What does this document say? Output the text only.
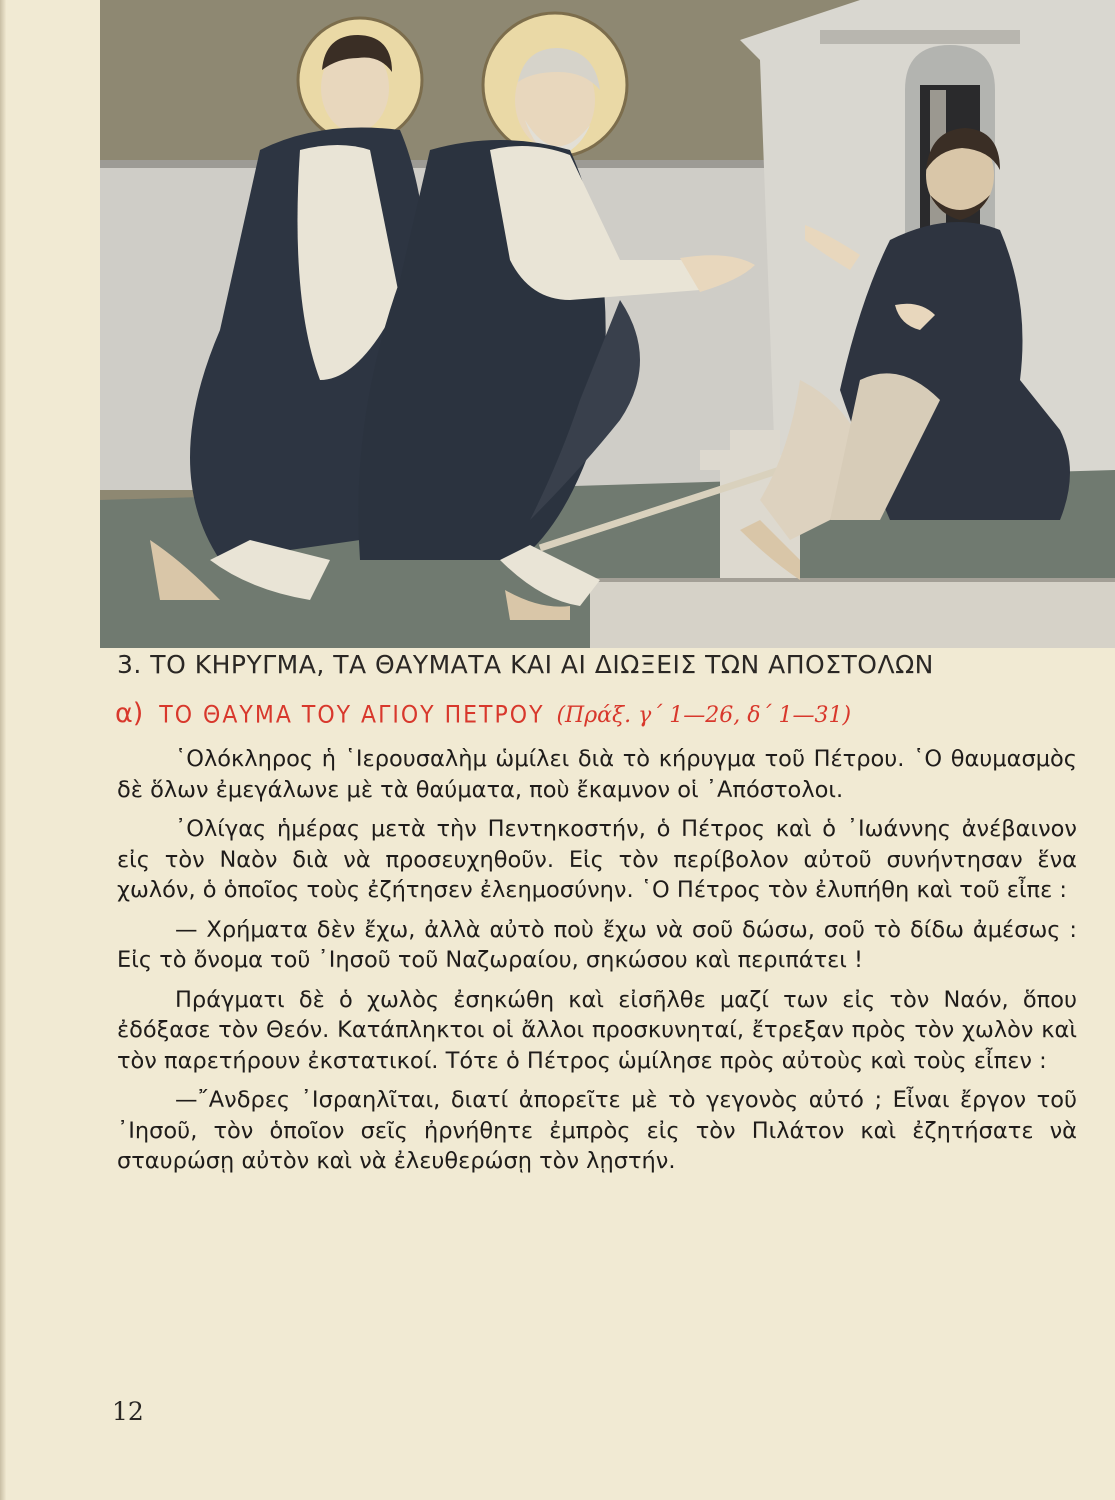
3. ΤΟ ΚΗΡΥΓΜΑ, ΤΑ ΘΑΥΜΑΤΑ ΚΑΙ ΑΙ ΔΙΩΞΕΙΣ ΤΩΝ ΑΠΟΣΤΟΛΩΝ
α) ΤΟ ΘΑΥΜΑ ΤΟΥ ΑΓΙΟΥ ΠΕΤΡΟΥ (Πράξ. γ΄ 1—26, δ΄ 1—31)

῾Ολόκληρος ἡ ῾Ιερουσαλὴμ ὡμίλει διὰ τὸ κήρυγμα τοῦ Πέτρου. ῾Ο θαυμασμὸς δὲ ὅλων ἐμεγάλωνε μὲ τὰ θαύματα, ποὺ ἔκαμνον οἱ ᾿Απόστολοι.

᾿Ολίγας ἡμέρας μετὰ τὴν Πεντηκοστήν, ὁ Πέτρος καὶ ὁ ᾿Ιωάννης ἀνέβαινον εἰς τὸν Ναὸν διὰ νὰ προσευχηθοῦν. Εἰς τὸν περίβολον αὐτοῦ συνήντησαν ἕνα χωλόν, ὁ ὁποῖος τοὺς ἐζήτησεν ἐλεημοσύνην. ῾Ο Πέτρος τὸν ἐλυπήθη καὶ τοῦ εἶπε :

— Χρήματα δὲν ἔχω, ἀλλὰ αὐτὸ ποὺ ἔχω νὰ σοῦ δώσω, σοῦ τὸ δίδω ἀμέσως : Εἰς τὸ ὄνομα τοῦ ᾿Ιησοῦ τοῦ Ναζωραίου, σηκώσου καὶ περιπάτει !

Πράγματι δὲ ὁ χωλὸς ἐσηκώθη καὶ εἰσῆλθε μαζί των εἰς τὸν Ναόν, ὅπου ἐδόξασε τὸν Θεόν. Κατάπληκτοι οἱ ἄλλοι προσκυνηταί, ἔτρεξαν πρὸς τὸν χωλὸν καὶ τὸν παρετήρουν ἐκστατικοί. Τότε ὁ Πέτρος ὡμίλησε πρὸς αὐτοὺς καὶ τοὺς εἶπεν :

—῎Ανδρες ᾿Ισραηλῖται, διατί ἀπορεῖτε μὲ τὸ γεγονὸς αὐτό ; Εἶναι ἔργον τοῦ ᾿Ιησοῦ, τὸν ὁποῖον σεῖς ἠρνήθητε ἐμπρὸς εἰς τὸν Πιλάτον καὶ ἐζητήσατε νὰ σταυρώσῃ αὐτὸν καὶ νὰ ἐλευθερώσῃ τὸν λῃστήν.

12
